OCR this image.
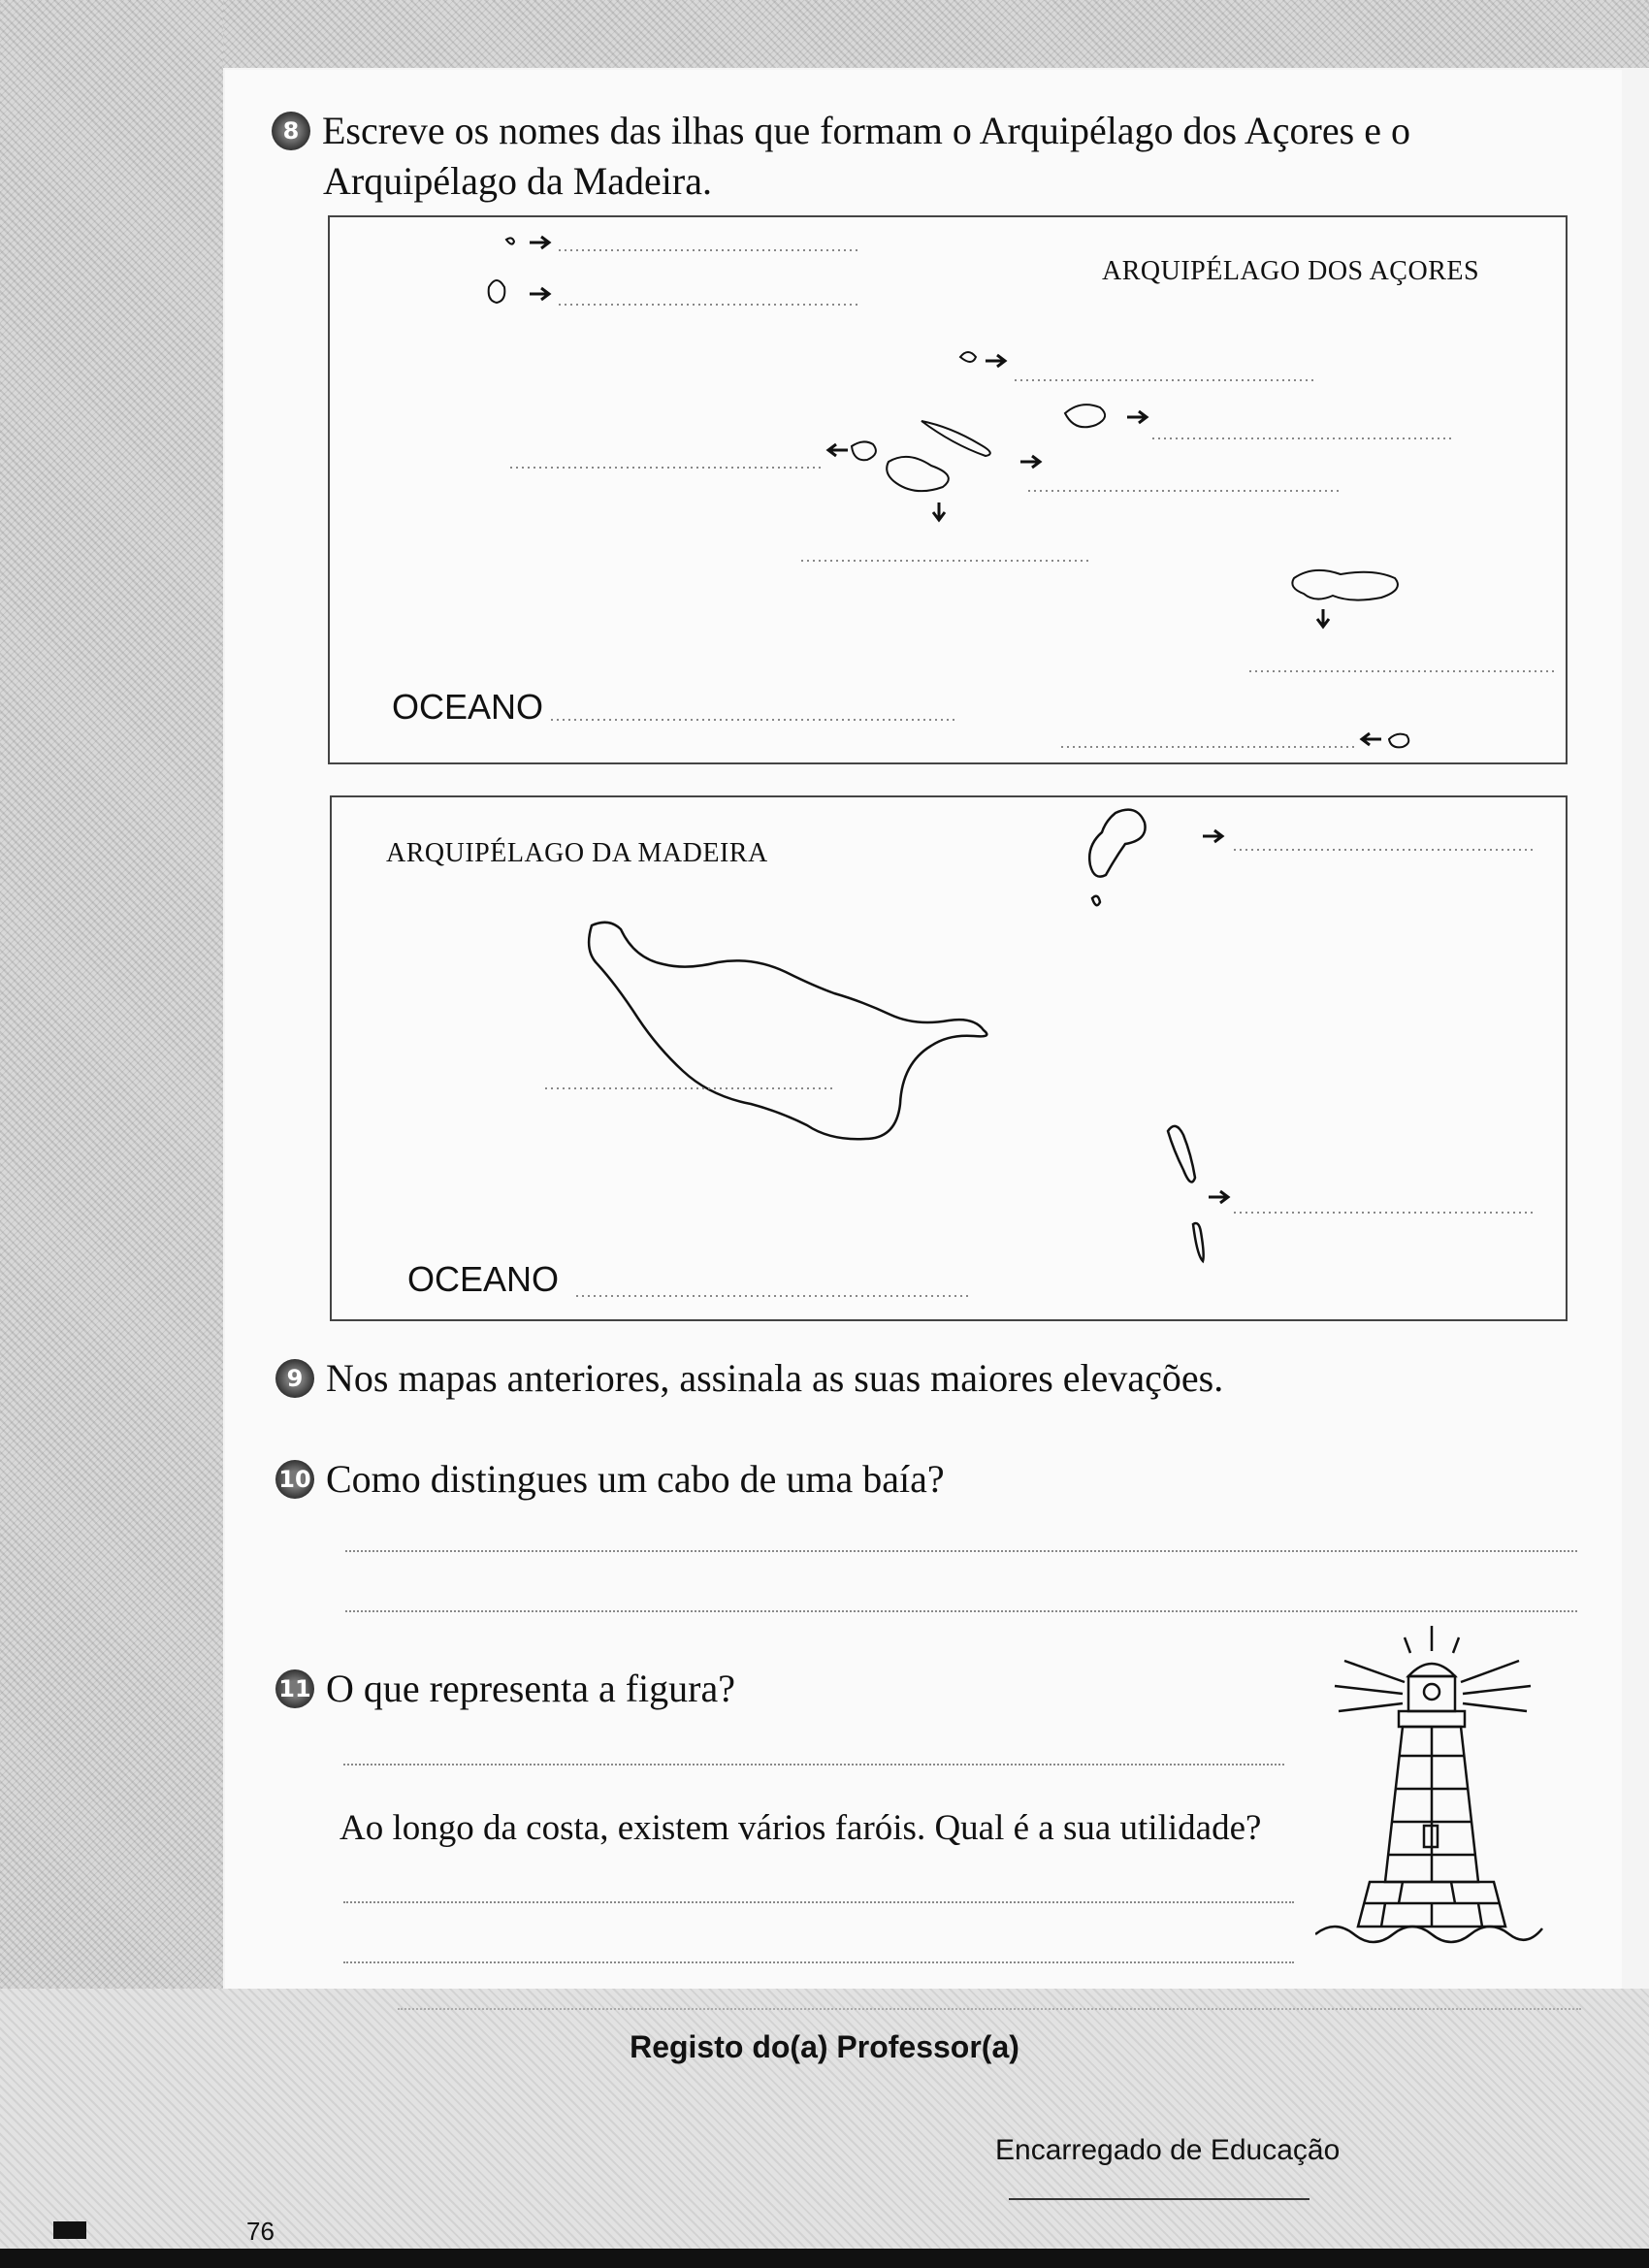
8 Escreve os nomes das ilhas que formam o Arquipélago dos Açores e o
Arquipélago da Madeira.
ARQUIPÉLAGO DOS AÇORES
OCEANO
ARQUIPÉLAGO DA MADEIRA
OCEANO
9 Nos mapas anteriores, assinala as suas maiores elevações.
10 Como distingues um cabo de uma baía?
11 O que representa a figura?
Ao longo da costa, existem vários faróis. Qual é a sua utilidade?
Registo do(a) Professor(a)
Encarregado de Educação
76
